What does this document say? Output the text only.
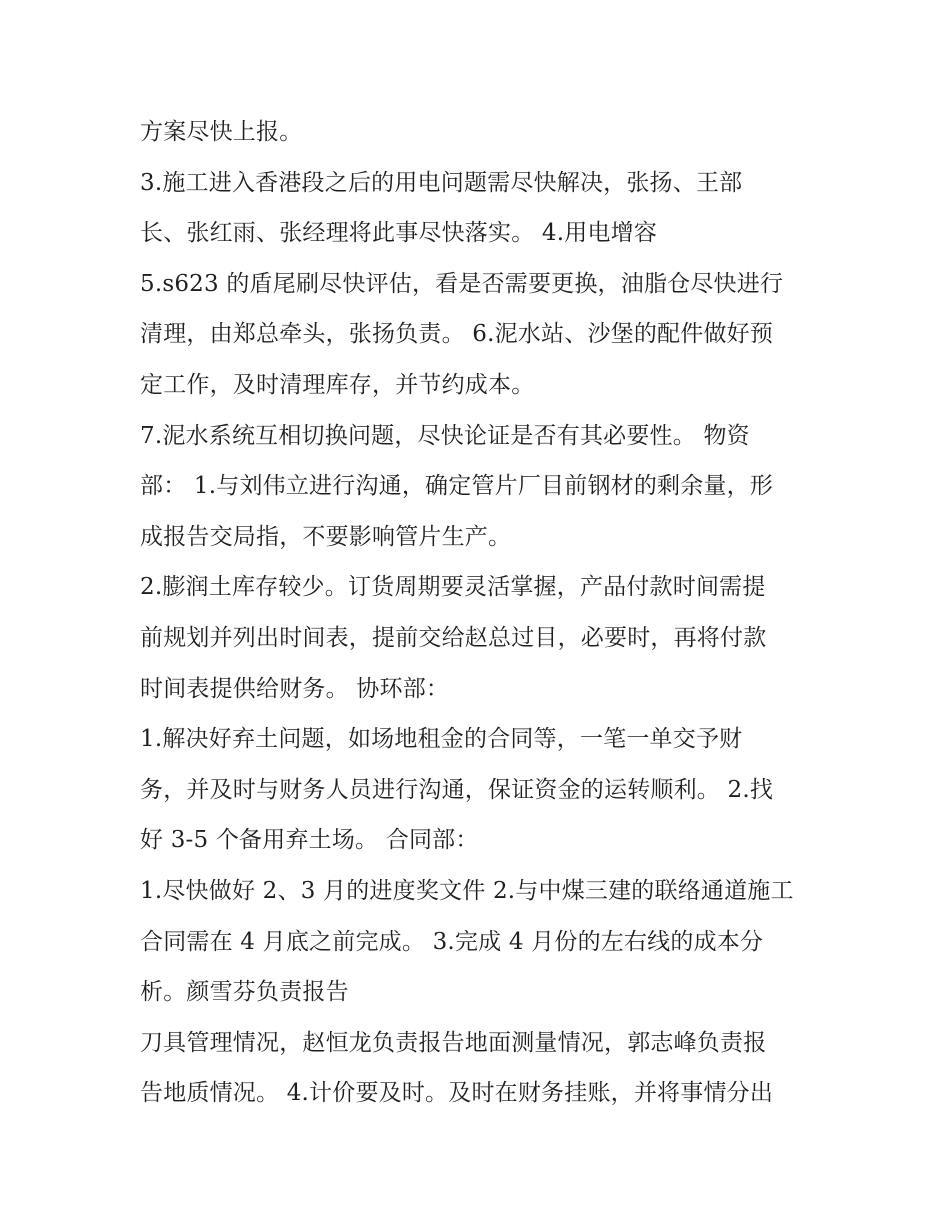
方案尽快上报。
3.施工进入香港段之后的用电问题需尽快解决，张扬、王部
长、张红雨、张经理将此事尽快落实。 4.用电增容
5.s623 的盾尾刷尽快评估，看是否需要更换，油脂仓尽快进行
清理，由郑总牵头，张扬负责。 6.泥水站、沙堡的配件做好预
定工作，及时清理库存，并节约成本。
7.泥水系统互相切换问题，尽快论证是否有其必要性。 物资
部： 1.与刘伟立进行沟通，确定管片厂目前钢材的剩余量，形
成报告交局指，不要影响管片生产。
2.膨润土库存较少。订货周期要灵活掌握，产品付款时间需提
前规划并列出时间表，提前交给赵总过目，必要时，再将付款
时间表提供给财务。 协环部：
1.解决好弃土问题，如场地租金的合同等，一笔一单交予财
务，并及时与财务人员进行沟通，保证资金的运转顺利。 2.找
好 3-5 个备用弃土场。 合同部：
1.尽快做好 2、3 月的进度奖文件 2.与中煤三建的联络通道施工
合同需在 4 月底之前完成。 3.完成 4 月份的左右线的成本分
析。颜雪芬负责报告
刀具管理情况，赵恒龙负责报告地面测量情况，郭志峰负责报
告地质情况。 4.计价要及时。及时在财务挂账，并将事情分出
